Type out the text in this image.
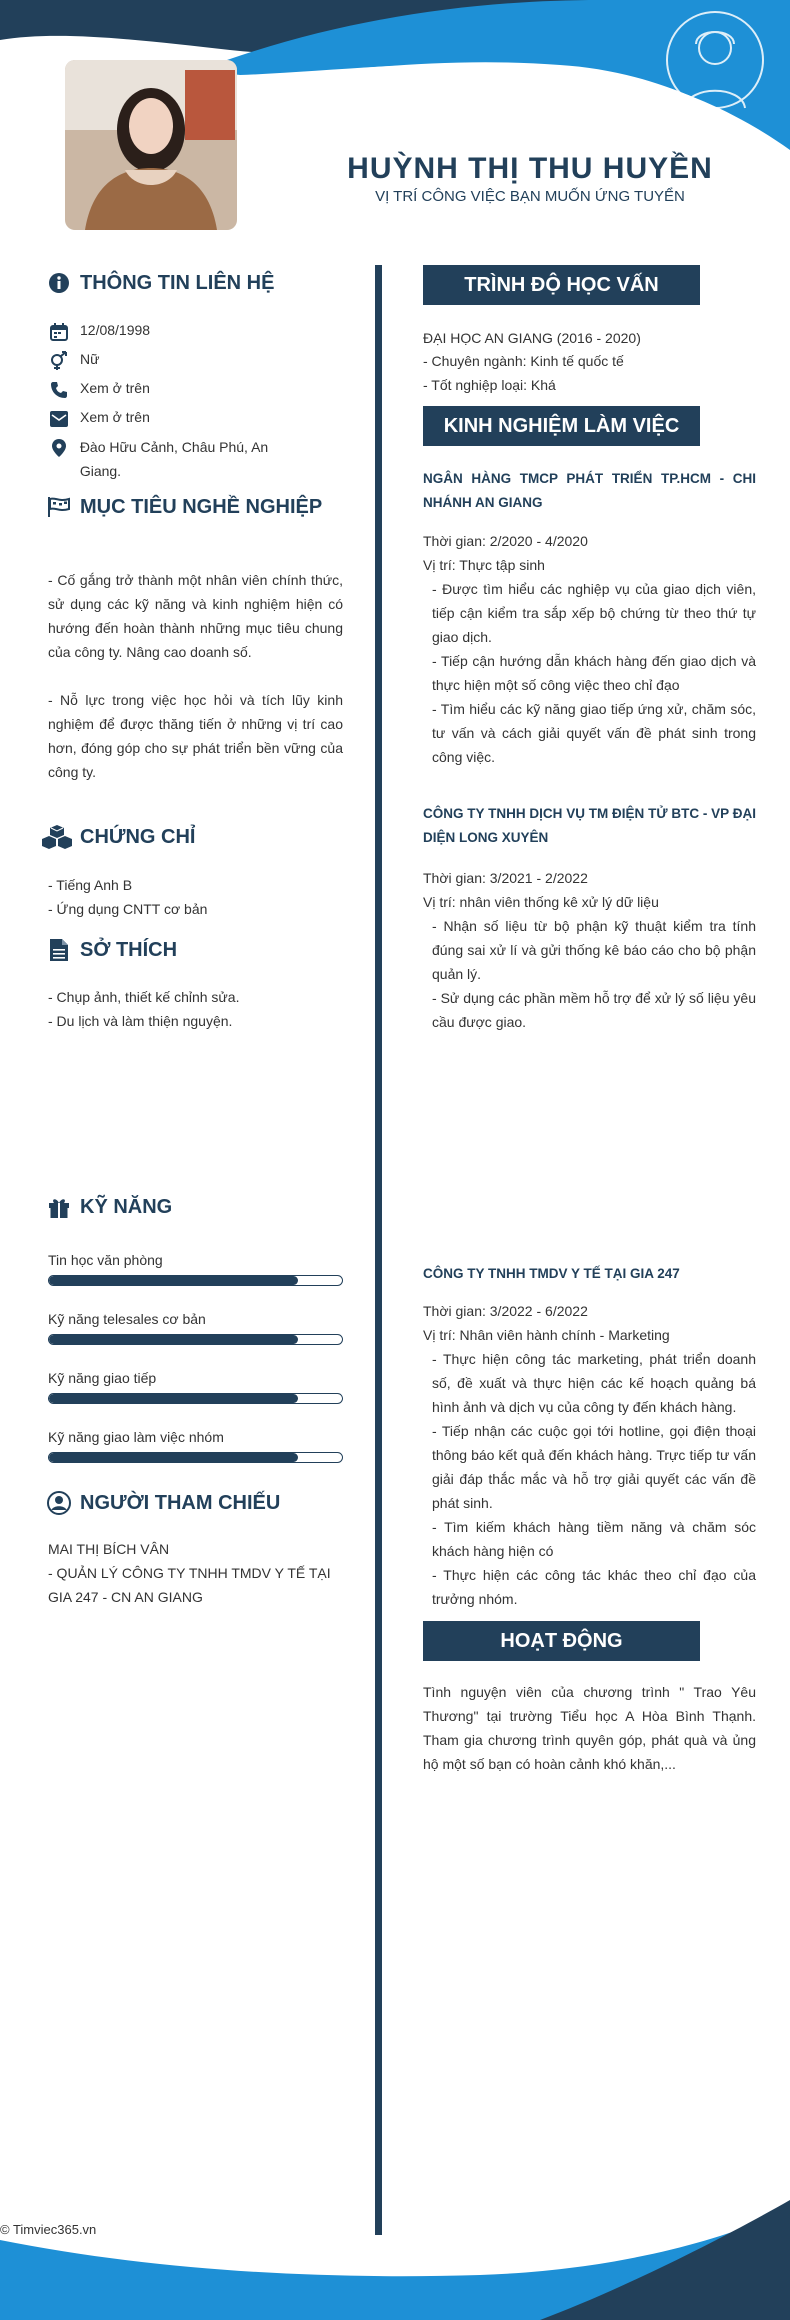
HUỲNH THỊ THU HUYỀN
VỊ TRÍ CÔNG VIỆC BẠN MUỐN ỨNG TUYỂN
THÔNG TIN LIÊN HỆ
12/08/1998
Nữ
Xem ở trên
Xem ở trên
Đào Hữu Cảnh, Châu Phú, An Giang.
MỤC TIÊU NGHỀ NGHIỆP
- Cố gắng trở thành một nhân viên chính thức, sử dụng các kỹ năng và kinh nghiệm hiện có hướng đến hoàn thành những mục tiêu chung của công ty. Nâng cao doanh số.
- Nỗ lực trong việc học hỏi và tích lũy kinh nghiệm để được thăng tiến ở những vị trí cao hơn, đóng góp cho sự phát triển bền vững của công ty.
CHỨNG CHỈ
- Tiếng Anh B
- Ứng dụng CNTT cơ bản
SỞ THÍCH
- Chụp ảnh, thiết kế chỉnh sửa.
- Du lịch và làm thiện nguyện.
KỸ NĂNG
Tin học văn phòng
Kỹ năng telesales cơ bản
Kỹ năng giao tiếp
Kỹ năng giao làm việc nhóm
NGƯỜI THAM CHIẾU
MAI THỊ BÍCH VÂN
- QUẢN LÝ CÔNG TY TNHH TMDV Y TẾ TẠI GIA 247 - CN AN GIANG
TRÌNH ĐỘ HỌC VẤN
ĐẠI HỌC AN GIANG (2016 - 2020)
- Chuyên ngành: Kinh tế quốc tế
- Tốt nghiệp loại: Khá
KINH NGHIỆM LÀM VIỆC
NGÂN HÀNG TMCP PHÁT TRIỂN TP.HCM - CHI NHÁNH AN GIANG
Thời gian: 2/2020 - 4/2020
Vị trí: Thực tập sinh
- Được tìm hiểu các nghiệp vụ của giao dịch viên, tiếp cận kiểm tra sắp xếp bộ chứng từ theo thứ tự giao dịch.
- Tiếp cận hướng dẫn khách hàng đến giao dịch và thực hiện một số công việc theo chỉ đạo
- Tìm hiểu các kỹ năng giao tiếp ứng xử, chăm sóc, tư vấn và cách giải quyết vấn đề phát sinh trong công việc.
CÔNG TY TNHH DỊCH VỤ TM ĐIỆN TỬ BTC - VP ĐẠI DIỆN LONG XUYÊN
Thời gian: 3/2021 - 2/2022
Vị trí: nhân viên thống kê xử lý dữ liệu
- Nhận số liệu từ bộ phận kỹ thuật kiểm tra tính đúng sai xử lí và gửi thống kê báo cáo cho bộ phận quản lý.
- Sử dụng các phần mềm hỗ trợ để xử lý số liệu yêu cầu được giao.
CÔNG TY TNHH TMDV Y TẾ TẠI GIA 247
Thời gian: 3/2022 - 6/2022
Vị trí: Nhân viên hành chính - Marketing
- Thực hiện công tác marketing, phát triển doanh số, đề xuất và thực hiện các kế hoạch quảng bá hình ảnh và dịch vụ của công ty đến khách hàng.
- Tiếp nhận các cuộc gọi tới hotline, gọi điện thoại thông báo kết quả đến khách hàng. Trực tiếp tư vấn giải đáp thắc mắc và hỗ trợ giải quyết các vấn đề phát sinh.
- Tìm kiếm khách hàng tiềm năng và chăm sóc khách hàng hiện có
- Thực hiện các công tác khác theo chỉ đạo của trưởng nhóm.
HOẠT ĐỘNG
Tình nguyện viên của chương trình " Trao Yêu Thương" tại trường Tiểu học A Hòa Bình Thạnh. Tham gia chương trình quyên góp, phát quà và ủng hộ một số bạn có hoàn cảnh khó khăn,...
© Timviec365.vn
